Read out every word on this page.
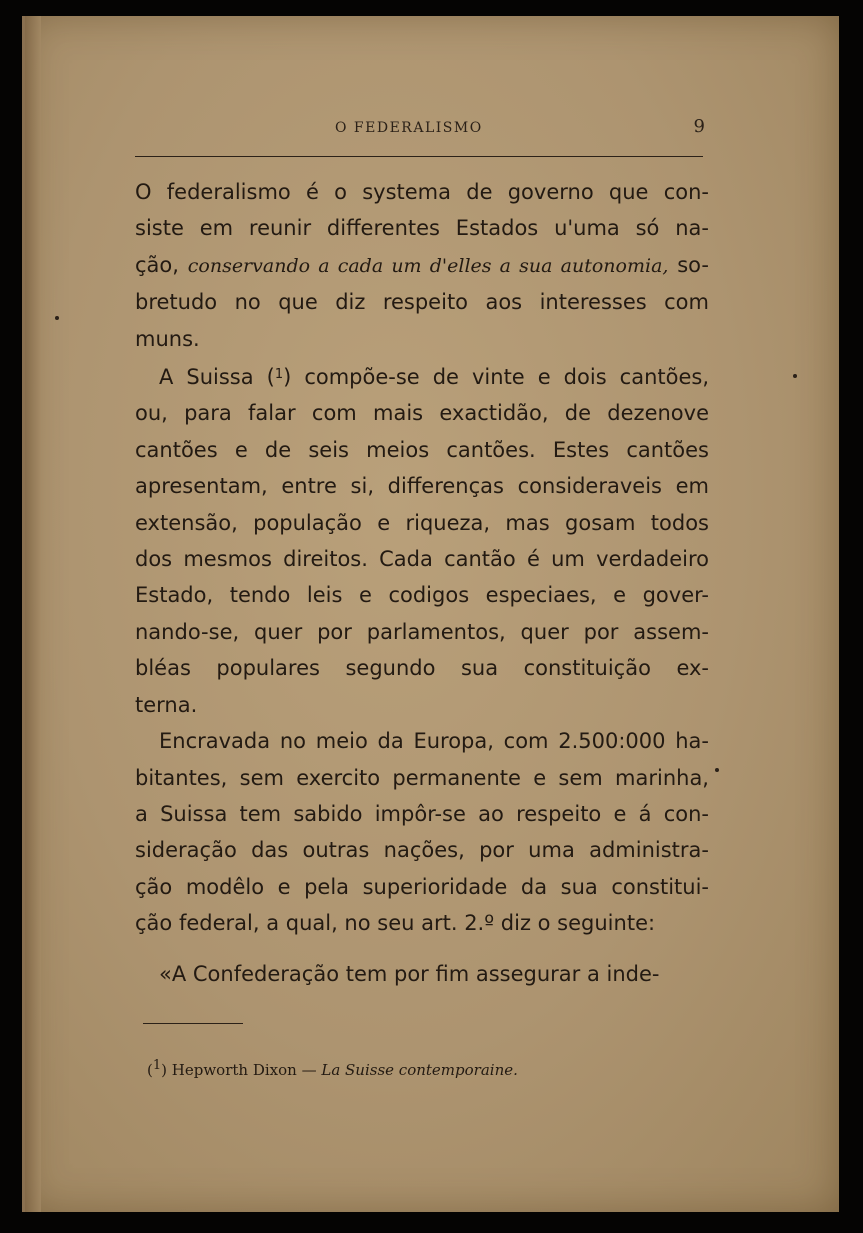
O FEDERALISMO	9
O federalismo é o systema de governo que con-
siste em reunir differentes Estados u'uma só na-
ção, conservando a cada um d'elles a sua autonomia, so-
bretudo no que diz respeito aos interesses com
muns.
A Suissa ($^1$) compõe-se de vinte e dois cantões,
ou, para falar com mais exactidão, de dezenove
cantões e de seis meios cantões. Estes cantões
apresentam, entre si, differenças consideraveis em
extensão, população e riqueza, mas gosam todos
dos mesmos direitos. Cada cantão é um verdadeiro
Estado, tendo leis e codigos especiaes, e gover-
nando-se, quer por parlamentos, quer por assem-
bléas populares segundo sua constituição ex-
terna.
Encravada no meio da Europa, com 2.500:000 ha-
bitantes, sem exercito permanente e sem marinha,
a Suissa tem sabido impôr-se ao respeito e á con-
sideração das outras nações, por uma administra-
ção modêlo e pela superioridade da sua constitui-
ção federal, a qual, no seu art. 2.º diz o seguinte:
«A Confederação tem por fim assegurar a inde-
(1) Hepworth Dixon — La Suisse contemporaine.
